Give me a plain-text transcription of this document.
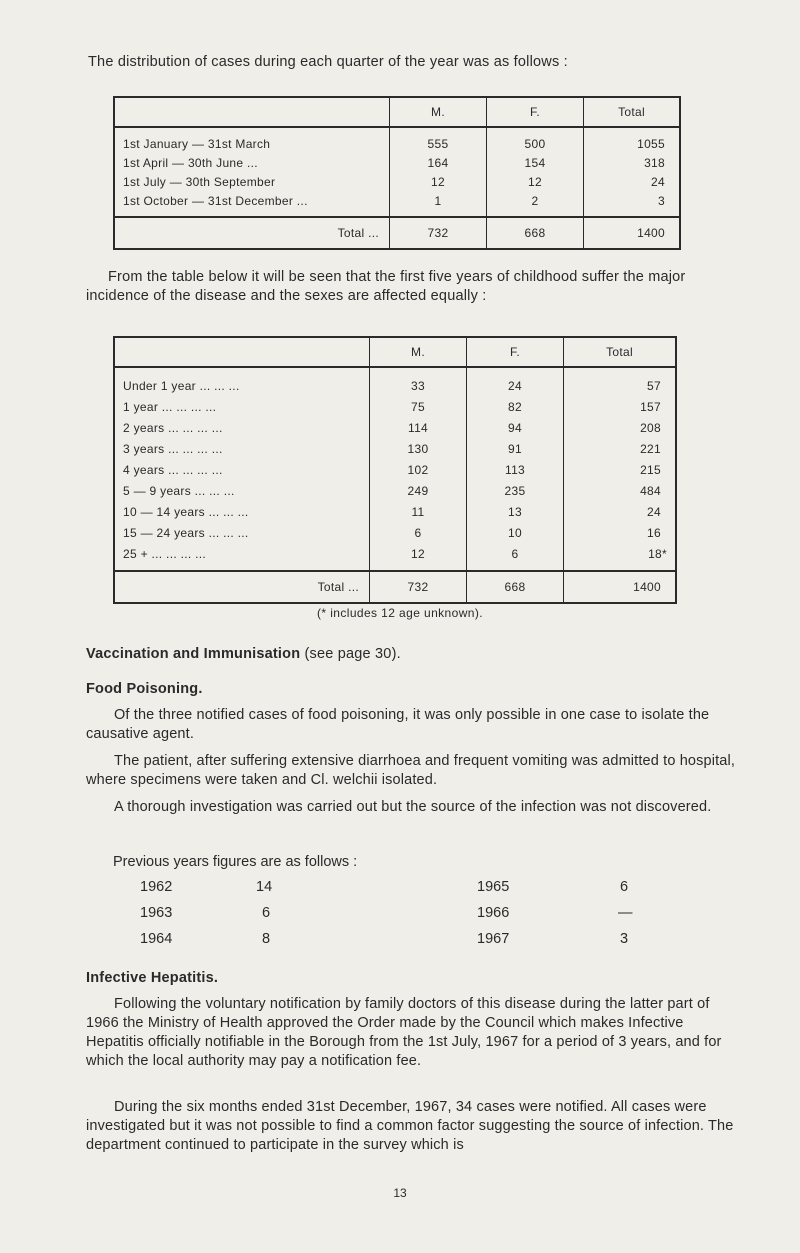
The distribution of cases during each quarter of the year was as follows :

	M.	F.	Total
1st January — 31st March	555	500	1055
1st April — 30th June ...	164	154	318
1st July — 30th September	12	12	24
1st October — 31st December ...	1	2	3
Total ...	732	668	1400

From the table below it will be seen that the first five years of childhood suffer the major incidence of the disease and the sexes are affected equally :

	M.	F.	Total
Under 1 year ... ... ...	33	24	57
1 year ... ... ... ...	75	82	157
2 years ... ... ... ...	114	94	208
3 years ... ... ... ...	130	91	221
4 years ... ... ... ...	102	113	215
5 — 9 years ... ... ...	249	235	484
10 — 14 years ... ... ...	11	13	24
15 — 24 years ... ... ...	6	10	16
25 + ... ... ... ...	12	6	18*
Total ...	732	668	1400

(* includes 12 age unknown).

Vaccination and Immunisation (see page 30).

Food Poisoning.

Of the three notified cases of food poisoning, it was only possible in one case to isolate the causative agent.

The patient, after suffering extensive diarrhoea and frequent vomiting was admitted to hospital, where specimens were taken and Cl. welchii isolated.

A thorough investigation was carried out but the source of the infection was not discovered.

Previous years figures are as follows :

1962	14	1965	6
1963	6	1966	—
1964	8	1967	3

Infective Hepatitis.

Following the voluntary notification by family doctors of this disease during the latter part of 1966 the Ministry of Health approved the Order made by the Council which makes Infective Hepatitis officially notifiable in the Borough from the 1st July, 1967 for a period of 3 years, and for which the local authority may pay a notification fee.

During the six months ended 31st December, 1967, 34 cases were notified. All cases were investigated but it was not possible to find a common factor suggesting the source of infection. The department continued to participate in the survey which is

13
